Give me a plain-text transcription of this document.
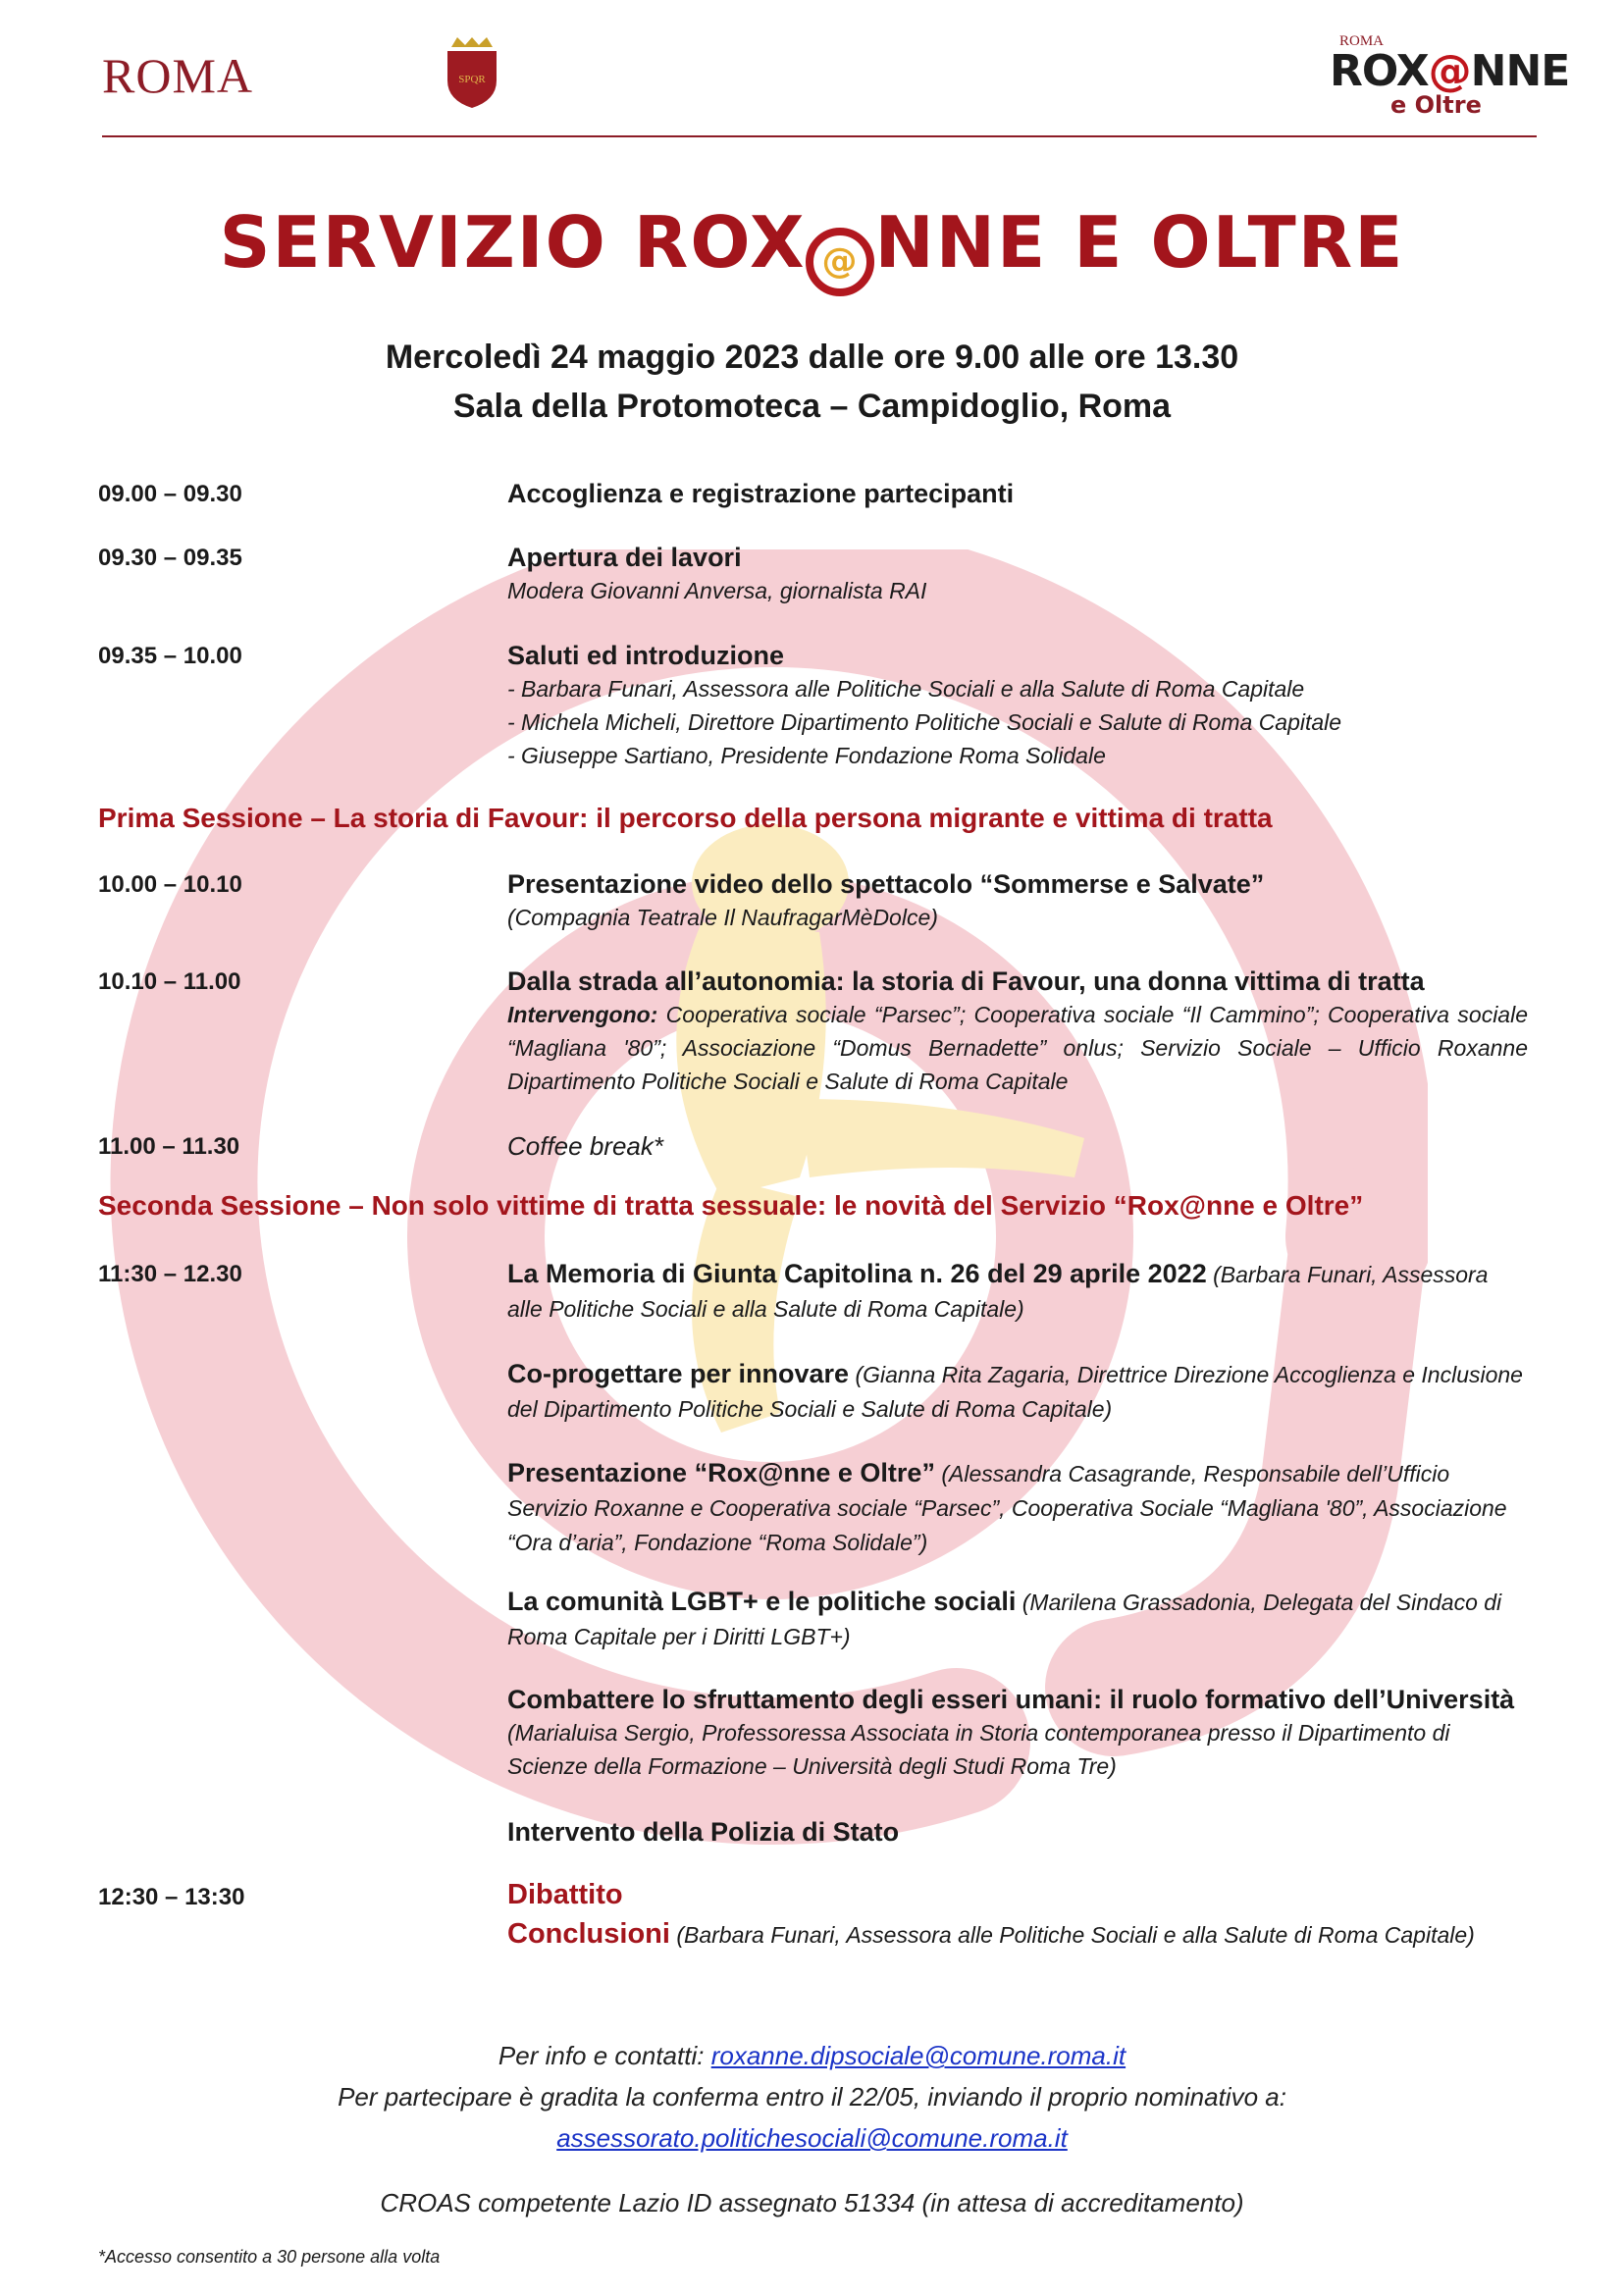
ROMA	SPQR
ROMA
ROX@NNE
e Oltre
SERVIZIO ROX @ NNE E OLTRE
Mercoledì 24 maggio 2023 dalle ore 9.00 alle ore 13.30
Sala della Protomoteca – Campidoglio, Roma
09.00 – 09.30	Accoglienza e registrazione partecipanti
09.30 – 09.35	Apertura dei lavori
Modera Giovanni Anversa, giornalista RAI
09.35 – 10.00	Saluti ed introduzione
- Barbara Funari, Assessora alle Politiche Sociali e alla Salute di Roma Capitale
- Michela Micheli, Direttore Dipartimento Politiche Sociali e Salute di Roma Capitale
- Giuseppe Sartiano, Presidente Fondazione Roma Solidale
Prima Sessione – La storia di Favour: il percorso della persona migrante e vittima di tratta
10.00 – 10.10	Presentazione video dello spettacolo “Sommerse e Salvate”
(Compagnia Teatrale Il NaufragarMèDolce)
10.10 – 11.00	Dalla strada all’autonomia: la storia di Favour, una donna vittima di tratta
Intervengono: Cooperativa sociale “Parsec”; Cooperativa sociale “Il Cammino”; Cooperativa sociale “Magliana '80”; Associazione “Domus Bernadette” onlus; Servizio Sociale – Ufficio Roxanne Dipartimento Politiche Sociali e Salute di Roma Capitale
11.00 – 11.30	Coffee break*
Seconda Sessione – Non solo vittime di tratta sessuale: le novità del Servizio “Rox@nne e Oltre”
11:30 – 12.30	La Memoria di Giunta Capitolina n. 26 del 29 aprile 2022 (Barbara Funari, Assessora alle Politiche Sociali e alla Salute di Roma Capitale)
Co-progettare per innovare (Gianna Rita Zagaria, Direttrice Direzione Accoglienza e Inclusione del Dipartimento Politiche Sociali e Salute di Roma Capitale)
Presentazione “Rox@nne e Oltre” (Alessandra Casagrande, Responsabile dell’Ufficio Servizio Roxanne e Cooperativa sociale “Parsec”, Cooperativa Sociale “Magliana '80”, Associazione “Ora d’aria”, Fondazione “Roma Solidale”)
La comunità LGBT+ e le politiche sociali (Marilena Grassadonia, Delegata del Sindaco di Roma Capitale per i Diritti LGBT+)
Combattere lo sfruttamento degli esseri umani: il ruolo formativo dell’Università
(Marialuisa Sergio, Professoressa Associata in Storia contemporanea presso il Dipartimento di Scienze della Formazione – Università degli Studi Roma Tre)
Intervento della Polizia di Stato
12:30 – 13:30	Dibattito
Conclusioni (Barbara Funari, Assessora alle Politiche Sociali e alla Salute di Roma Capitale)
Per info e contatti: roxanne.dipsociale@comune.roma.it
Per partecipare è gradita la conferma entro il 22/05, inviando il proprio nominativo a:
assessorato.politichesociali@comune.roma.it
CROAS competente Lazio ID assegnato 51334 (in attesa di accreditamento)
*Accesso consentito a 30 persone alla volta
